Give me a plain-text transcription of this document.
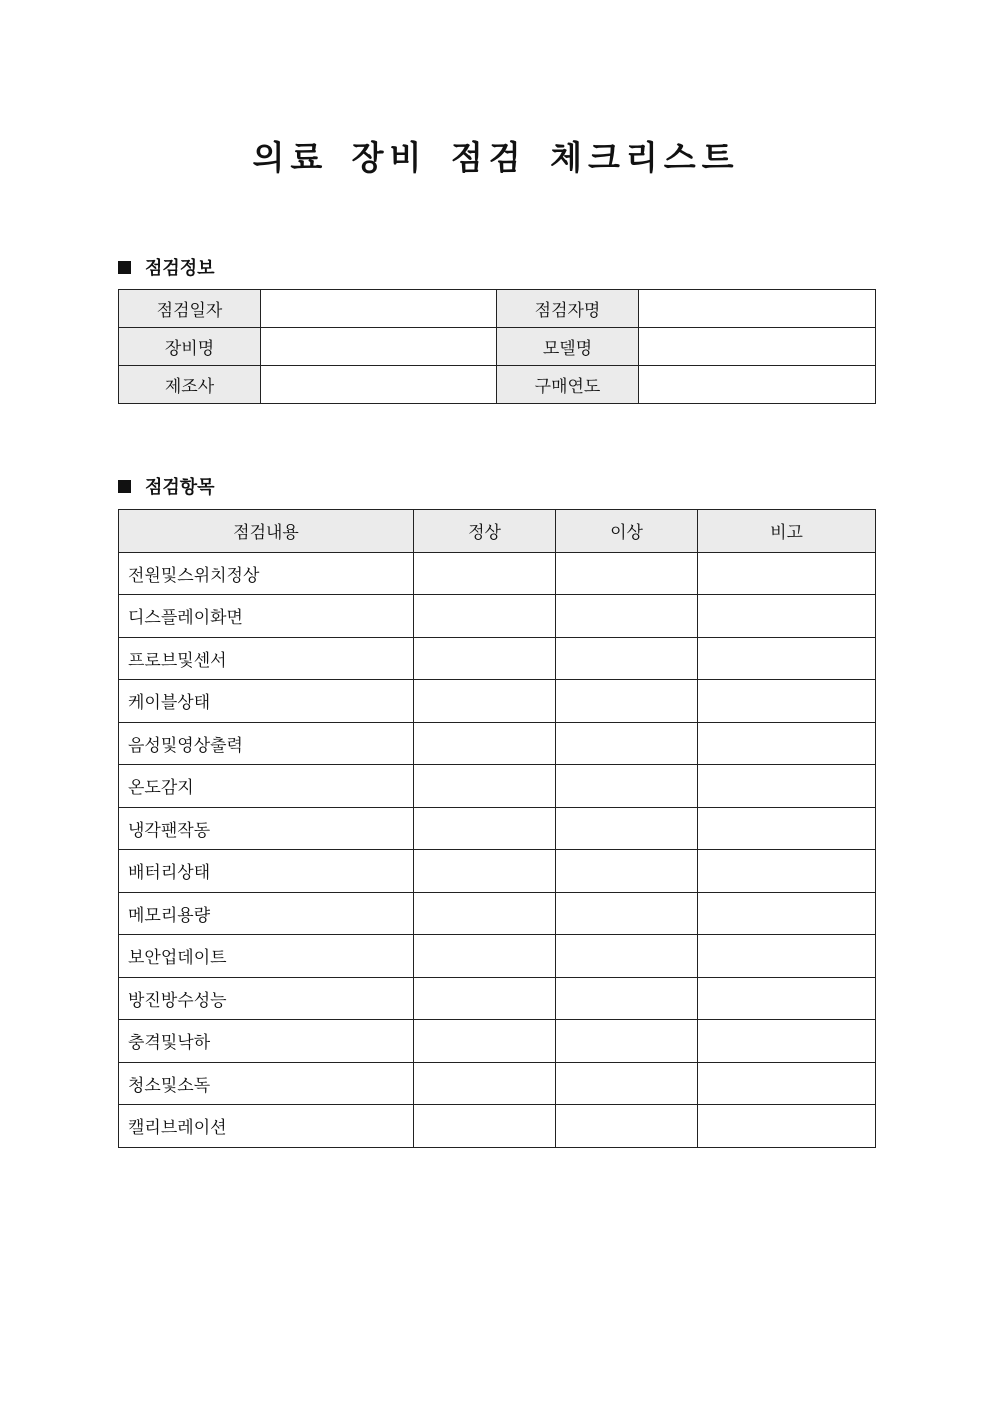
의료 장비 점검 체크리스트
점검정보
점검일자		점검자명	
장비명		모델명	
제조사		구매연도	
점검항목
점검내용	정상	이상	비고
전원및스위치정상			
디스플레이화면			
프로브및센서			
케이블상태			
음성및영상출력			
온도감지			
냉각팬작동			
배터리상태			
메모리용량			
보안업데이트			
방진방수성능			
충격및낙하			
청소및소독			
캘리브레이션			
